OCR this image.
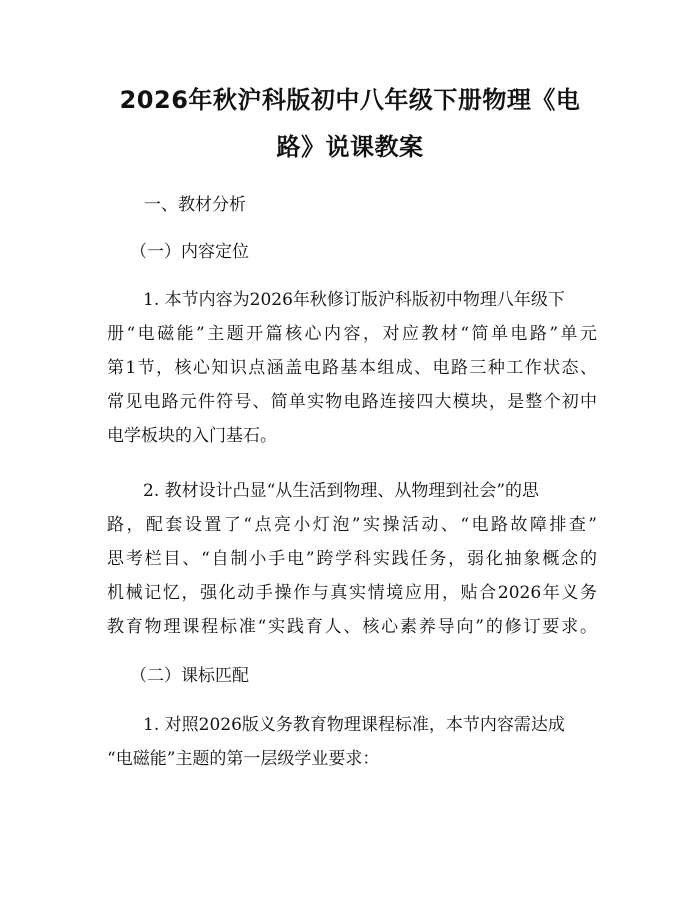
2026年秋沪科版初中八年级下册物理《电
路》说课教案
一、教材分析
（一）内容定位
1. 本节内容为2026年秋修订版沪科版初中物理八年级下
册“电磁能”主题开篇核心内容，对应教材“简单电路”单元
第1节，核心知识点涵盖电路基本组成、电路三种工作状态、
常见电路元件符号、简单实物电路连接四大模块，是整个初中
电学板块的入门基石。
2. 教材设计凸显“从生活到物理、从物理到社会”的思
路，配套设置了“点亮小灯泡”实操活动、“电路故障排查”
思考栏目、“自制小手电”跨学科实践任务，弱化抽象概念的
机械记忆，强化动手操作与真实情境应用，贴合2026年义务
教育物理课程标准“实践育人、核心素养导向”的修订要求。
（二）课标匹配
1. 对照2026版义务教育物理课程标准，本节内容需达成
“电磁能”主题的第一层级学业要求：
